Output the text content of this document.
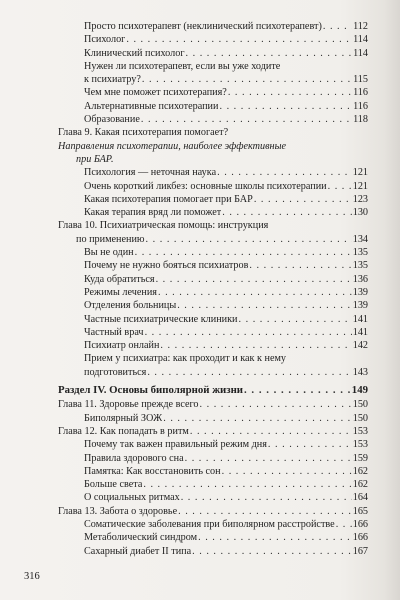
Просто психотерапевт (неклинический психотерапевт) . . .	112
Психолог . . .	114
Клинический психолог . . .	114
Нужен ли психотерапевт, если вы уже ходите
к психиатру? . . .	115
Чем мне поможет психотерапия? . . .	116
Альтернативные психотерапии . . .	116
Образование . . .	118
Глава 9. Какая психотерапия помогает?
Направления психотерапии, наиболее эффективные
при БАР.
Психология — неточная наука . . .	121
Очень короткий ликбез: основные школы психотерапии . . .	121
Какая психотерапия помогает при БАР . . .	123
Какая терапия вряд ли поможет . . .	130
Глава 10. Психиатрическая помощь: инструкция
по применению . . .	134
Вы не один . . .	135
Почему не нужно бояться психиатров . . .	135
Куда обратиться . . .	136
Режимы лечения . . .	139
Отделения больницы . . .	139
Частные психиатрические клиники . . .	141
Частный врач . . .	141
Психиатр онлайн . . .	142
Прием у психиатра: как проходит и как к нему
подготовиться . . .	143
Раздел IV. Основы биполярной жизни . . .	149
Глава 11. Здоровье прежде всего . . .	150
Биполярный ЗОЖ . . .	150
Глава 12. Как попадать в ритм . . .	153
Почему так важен правильный режим дня . . .	153
Правила здорового сна . . .	159
Памятка: Как восстановить сон . . .	162
Больше света . . .	162
О социальных ритмах . . .	164
Глава 13. Забота о здоровье . . .	165
Соматические заболевания при биполярном расстройстве . . . 166
Метаболический синдром . . .	166
Сахарный диабет II типа . . .	167
316
